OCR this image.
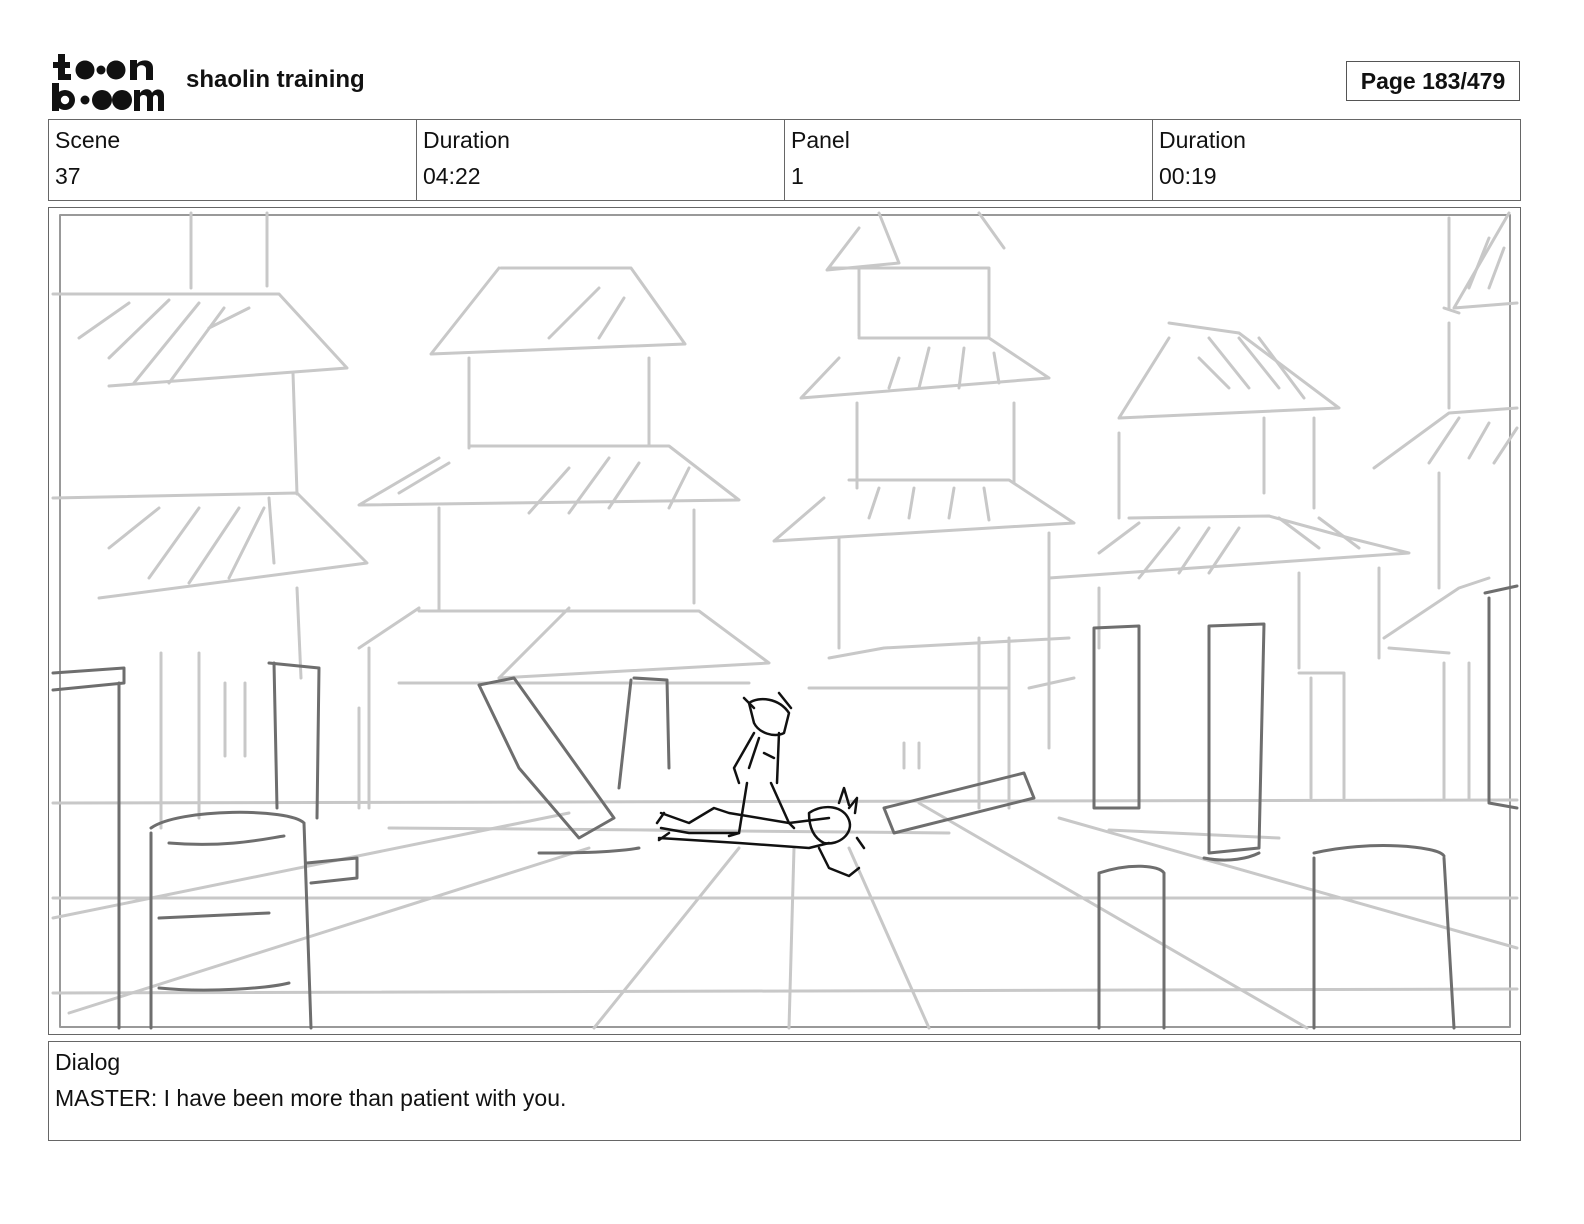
shaolin training	Page 183/479
Scene
37
Duration
04:22
Panel
1
Duration
00:19
Dialog
MASTER: I have been more than patient with you.
